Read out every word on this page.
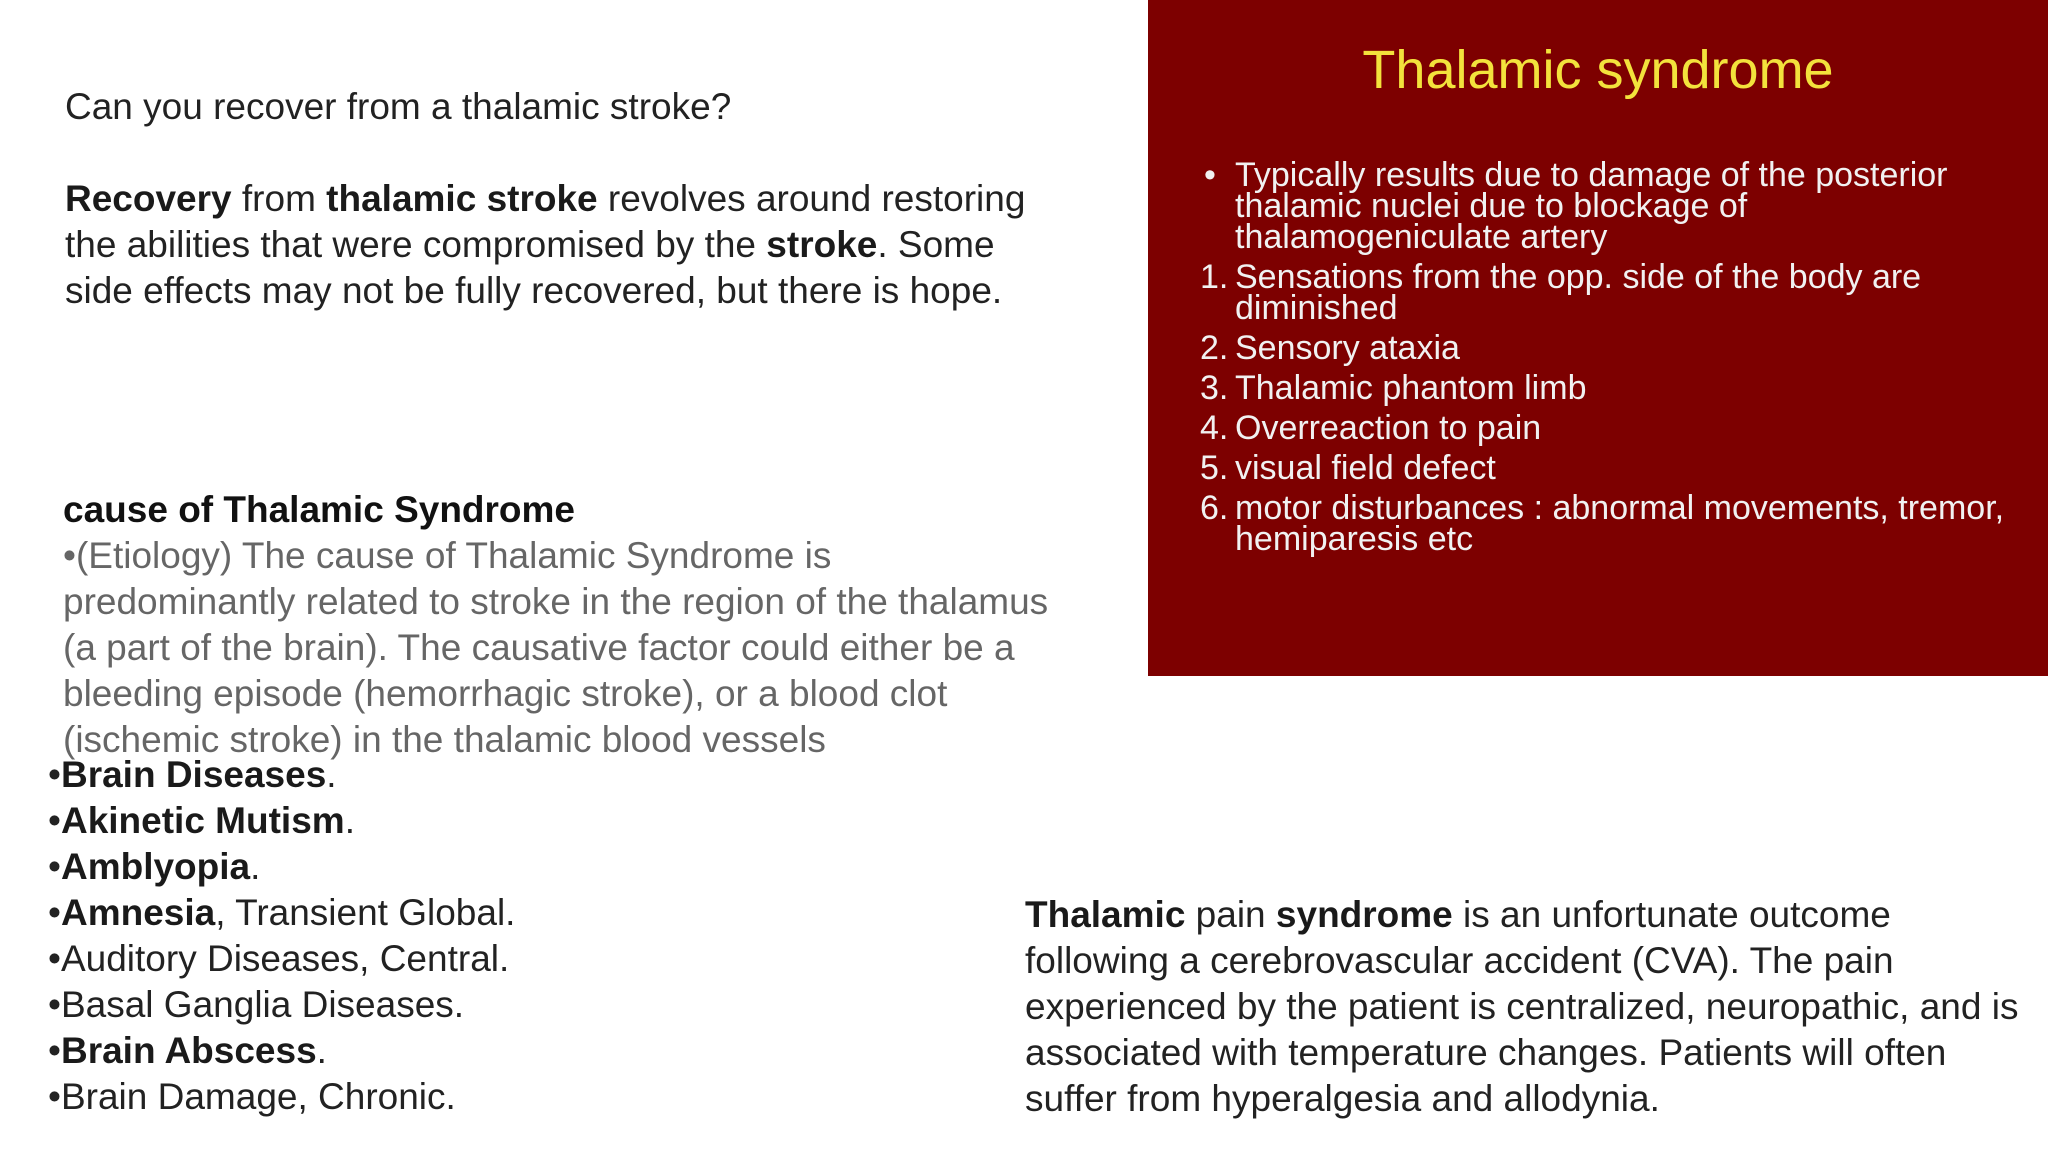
Can you recover from a thalamic stroke?
Recovery from thalamic stroke revolves around restoring the abilities that were compromised by the stroke. Some side effects may not be fully recovered, but there is hope.
cause of Thalamic Syndrome
•(Etiology) The cause of Thalamic Syndrome is predominantly related to stroke in the region of the thalamus (a part of the brain). The causative factor could either be a bleeding episode (hemorrhagic stroke), or a blood clot (ischemic stroke) in the thalamic blood vessels
•Brain Diseases.
•Akinetic Mutism.
•Amblyopia.
•Amnesia, Transient Global.
•Auditory Diseases, Central.
•Basal Ganglia Diseases.
•Brain Abscess.
•Brain Damage, Chronic.
Thalamic pain syndrome is an unfortunate outcome following a cerebrovascular accident (CVA). The pain experienced by the patient is centralized, neuropathic, and is associated with temperature changes. Patients will often suffer from hyperalgesia and allodynia.
Thalamic syndrome
• Typically results due to damage of the posterior thalamic nuclei due to blockage of thalamogeniculate artery
1. Sensations from the opp. side of the body are diminished
2. Sensory ataxia
3. Thalamic phantom limb
4. Overreaction to pain
5. visual field defect
6. motor disturbances : abnormal movements, tremor, hemiparesis etc
